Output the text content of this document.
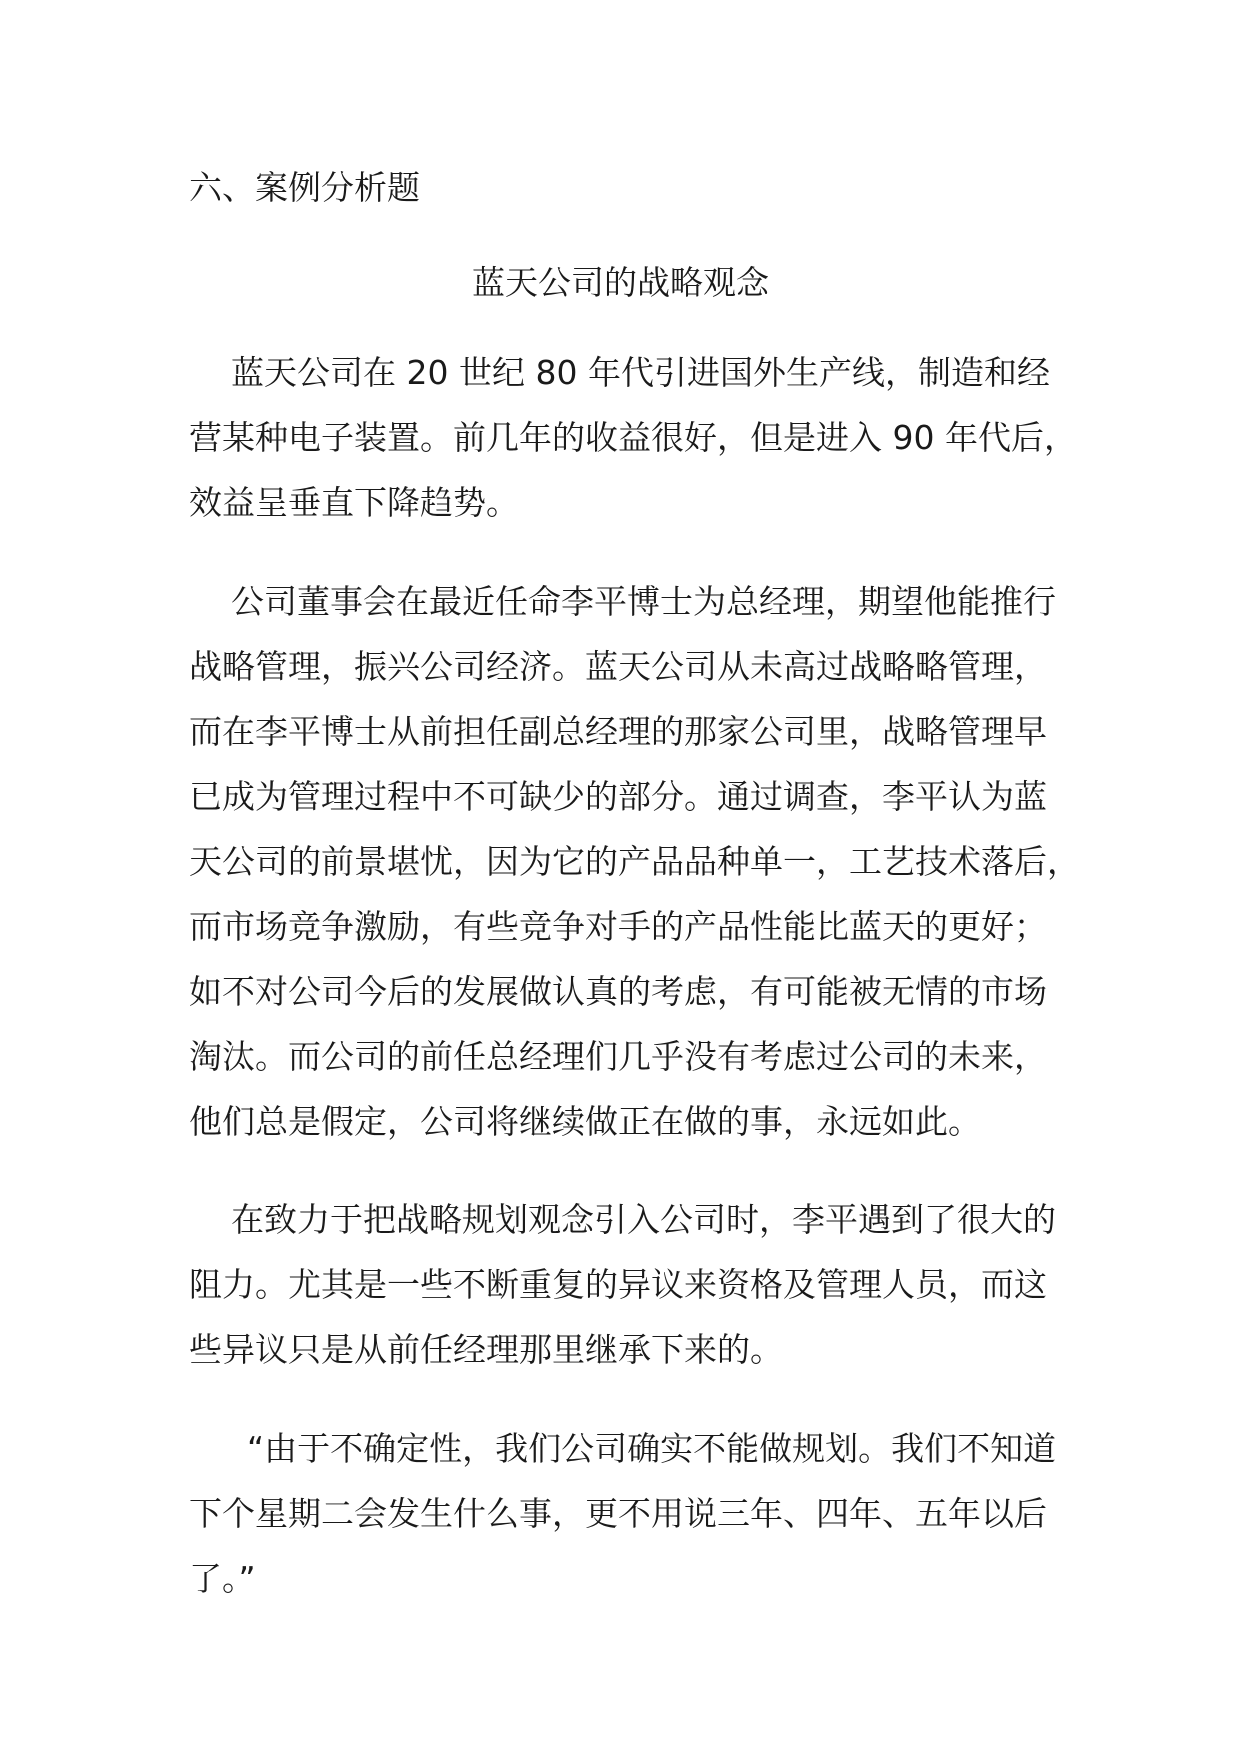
六、案例分析题
蓝天公司的战略观念
蓝天公司在 20 世纪 80 年代引进国外生产线，制造和经
营某种电子装置。前几年的收益很好，但是进入 90 年代后，
效益呈垂直下降趋势。
公司董事会在最近任命李平博士为总经理，期望他能推行
战略管理，振兴公司经济。蓝天公司从未高过战略略管理，
而在李平博士从前担任副总经理的那家公司里，战略管理早
已成为管理过程中不可缺少的部分。通过调查，李平认为蓝
天公司的前景堪忧，因为它的产品品种单一，工艺技术落后，
而市场竞争激励，有些竞争对手的产品性能比蓝天的更好；
如不对公司今后的发展做认真的考虑，有可能被无情的市场
淘汰。而公司的前任总经理们几乎没有考虑过公司的未来，
他们总是假定，公司将继续做正在做的事，永远如此。
在致力于把战略规划观念引入公司时，李平遇到了很大的
阻力。尤其是一些不断重复的异议来资格及管理人员，而这
些异议只是从前任经理那里继承下来的。
“由于不确定性，我们公司确实不能做规划。我们不知道
下个星期二会发生什么事，更不用说三年、四年、五年以后
了。”
